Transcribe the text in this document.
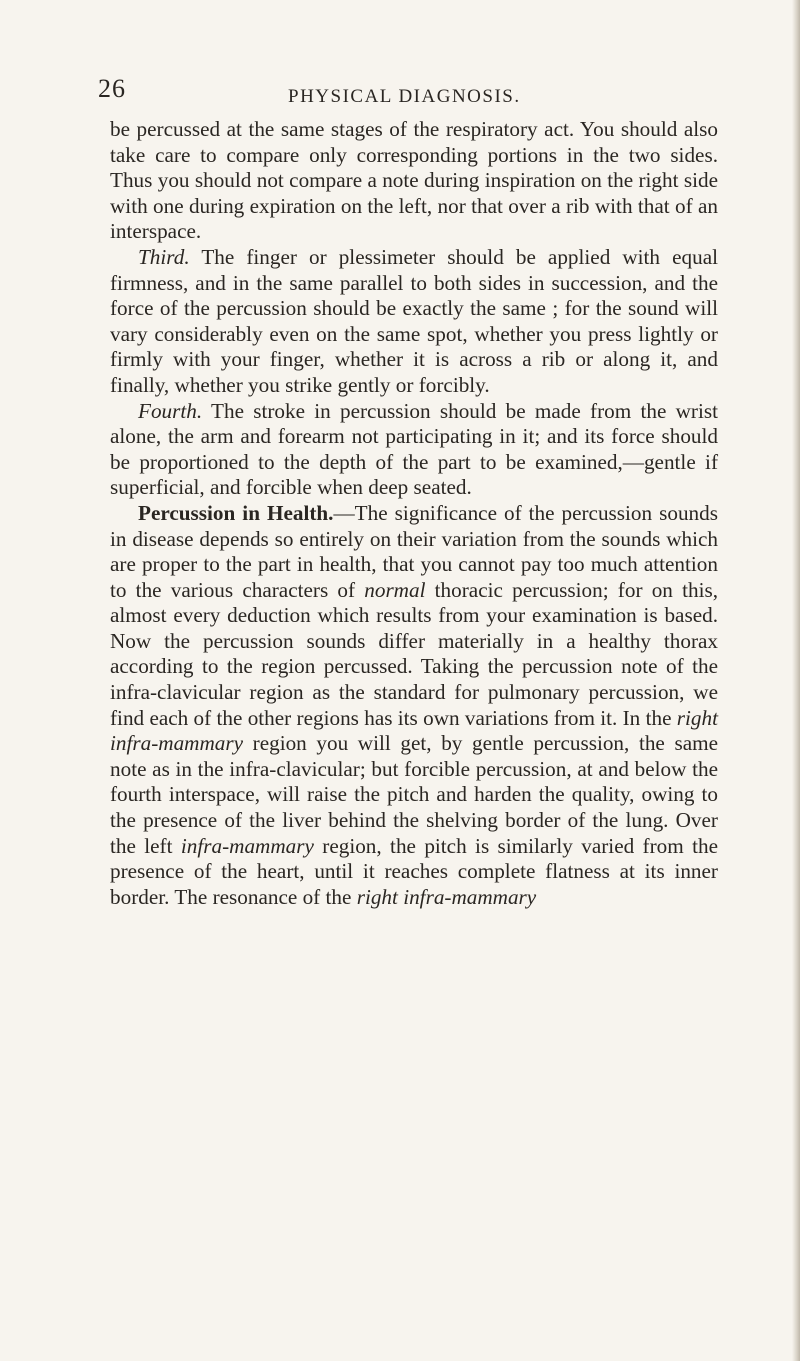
26	PHYSICAL DIAGNOSIS.

be percussed at the same stages of the respiratory act. You should also take care to compare only corresponding portions in the two sides. Thus you should not compare a note during inspiration on the right side with one during expiration on the left, nor that over a rib with that of an interspace.

Third. The finger or plessimeter should be applied with equal firmness, and in the same parallel to both sides in succession, and the force of the percussion should be exactly the same ; for the sound will vary considerably even on the same spot, whether you press lightly or firmly with your finger, whether it is across a rib or along it, and finally, whether you strike gently or forcibly.

Fourth. The stroke in percussion should be made from the wrist alone, the arm and forearm not participating in it; and its force should be proportioned to the depth of the part to be examined,—gentle if superficial, and forcible when deep seated.

Percussion in Health.—The significance of the percussion sounds in disease depends so entirely on their variation from the sounds which are proper to the part in health, that you cannot pay too much attention to the various characters of normal thoracic percussion; for on this, almost every deduction which results from your examination is based. Now the percussion sounds differ materially in a healthy thorax according to the region percussed. Taking the percussion note of the infra-clavicular region as the standard for pulmonary percussion, we find each of the other regions has its own variations from it. In the right infra-mammary region you will get, by gentle percussion, the same note as in the infra-clavicular; but forcible percussion, at and below the fourth interspace, will raise the pitch and harden the quality, owing to the presence of the liver behind the shelving border of the lung. Over the left infra-mammary region, the pitch is similarly varied from the presence of the heart, until it reaches complete flatness at its inner border. The resonance of the right infra-mammary
